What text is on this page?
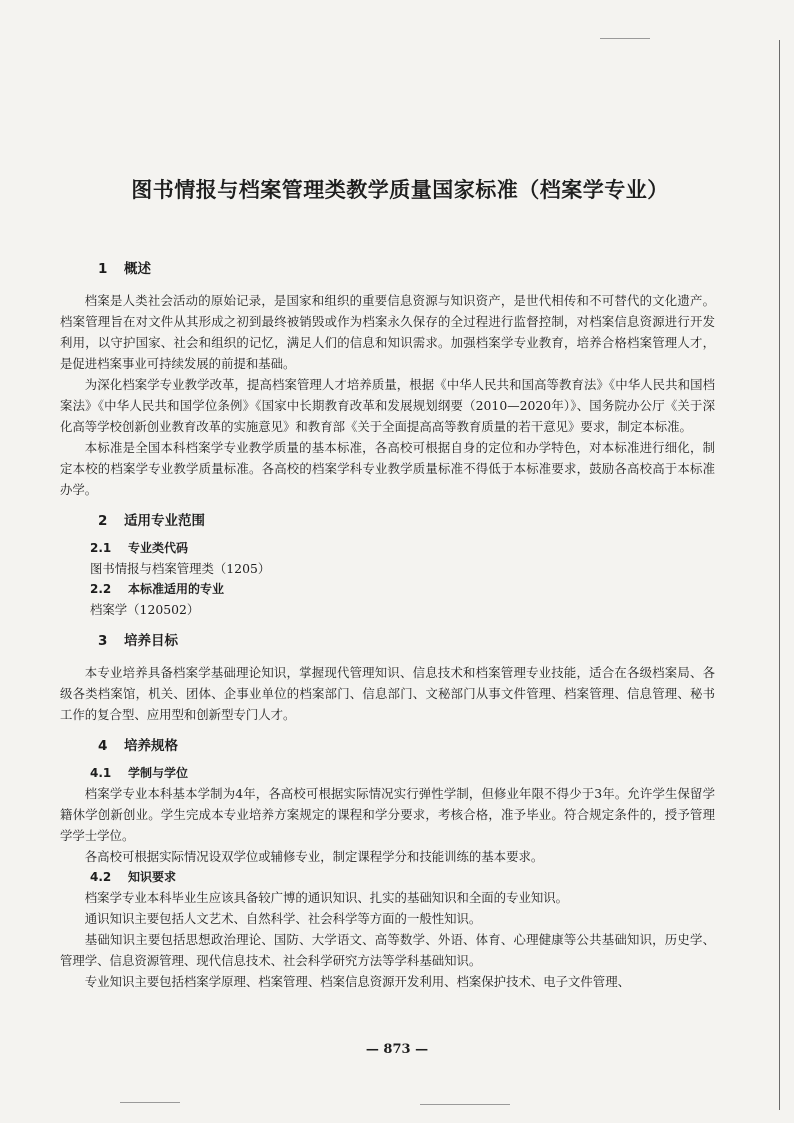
图书情报与档案管理类教学质量国家标准（档案学专业）
1 概述

档案是人类社会活动的原始记录，是国家和组织的重要信息资源与知识资产，是世代相传和不可替代的文化遗产。档案管理旨在对文件从其形成之初到最终被销毁或作为档案永久保存的全过程进行监督控制，对档案信息资源进行开发利用，以守护国家、社会和组织的记忆，满足人们的信息和知识需求。加强档案学专业教育，培养合格档案管理人才，是促进档案事业可持续发展的前提和基础。

为深化档案学专业教学改革，提高档案管理人才培养质量，根据《中华人民共和国高等教育法》《中华人民共和国档案法》《中华人民共和国学位条例》《国家中长期教育改革和发展规划纲要（2010—2020年）》、国务院办公厅《关于深化高等学校创新创业教育改革的实施意见》和教育部《关于全面提高高等教育质量的若干意见》要求，制定本标准。

本标准是全国本科档案学专业教学质量的基本标准，各高校可根据自身的定位和办学特色，对本标准进行细化，制定本校的档案学专业教学质量标准。各高校的档案学科专业教学质量标准不得低于本标准要求，鼓励各高校高于本标准办学。

2 适用专业范围
2.1 专业类代码

图书情报与档案管理类（1205）

2.2 本标准适用的专业

档案学（120502）

3 培养目标

本专业培养具备档案学基础理论知识，掌握现代管理知识、信息技术和档案管理专业技能，适合在各级档案局、各级各类档案馆，机关、团体、企事业单位的档案部门、信息部门、文秘部门从事文件管理、档案管理、信息管理、秘书工作的复合型、应用型和创新型专门人才。

4 培养规格
4.1 学制与学位

档案学专业本科基本学制为4年，各高校可根据实际情况实行弹性学制，但修业年限不得少于3年。允许学生保留学籍休学创新创业。学生完成本专业培养方案规定的课程和学分要求，考核合格，准予毕业。符合规定条件的，授予管理学学士学位。

各高校可根据实际情况设双学位或辅修专业，制定课程学分和技能训练的基本要求。

4.2 知识要求

档案学专业本科毕业生应该具备较广博的通识知识、扎实的基础知识和全面的专业知识。

通识知识主要包括人文艺术、自然科学、社会科学等方面的一般性知识。

基础知识主要包括思想政治理论、国防、大学语文、高等数学、外语、体育、心理健康等公共基础知识，历史学、管理学、信息资源管理、现代信息技术、社会科学研究方法等学科基础知识。

专业知识主要包括档案学原理、档案管理、档案信息资源开发利用、档案保护技术、电子文件管理、

— 873 —
